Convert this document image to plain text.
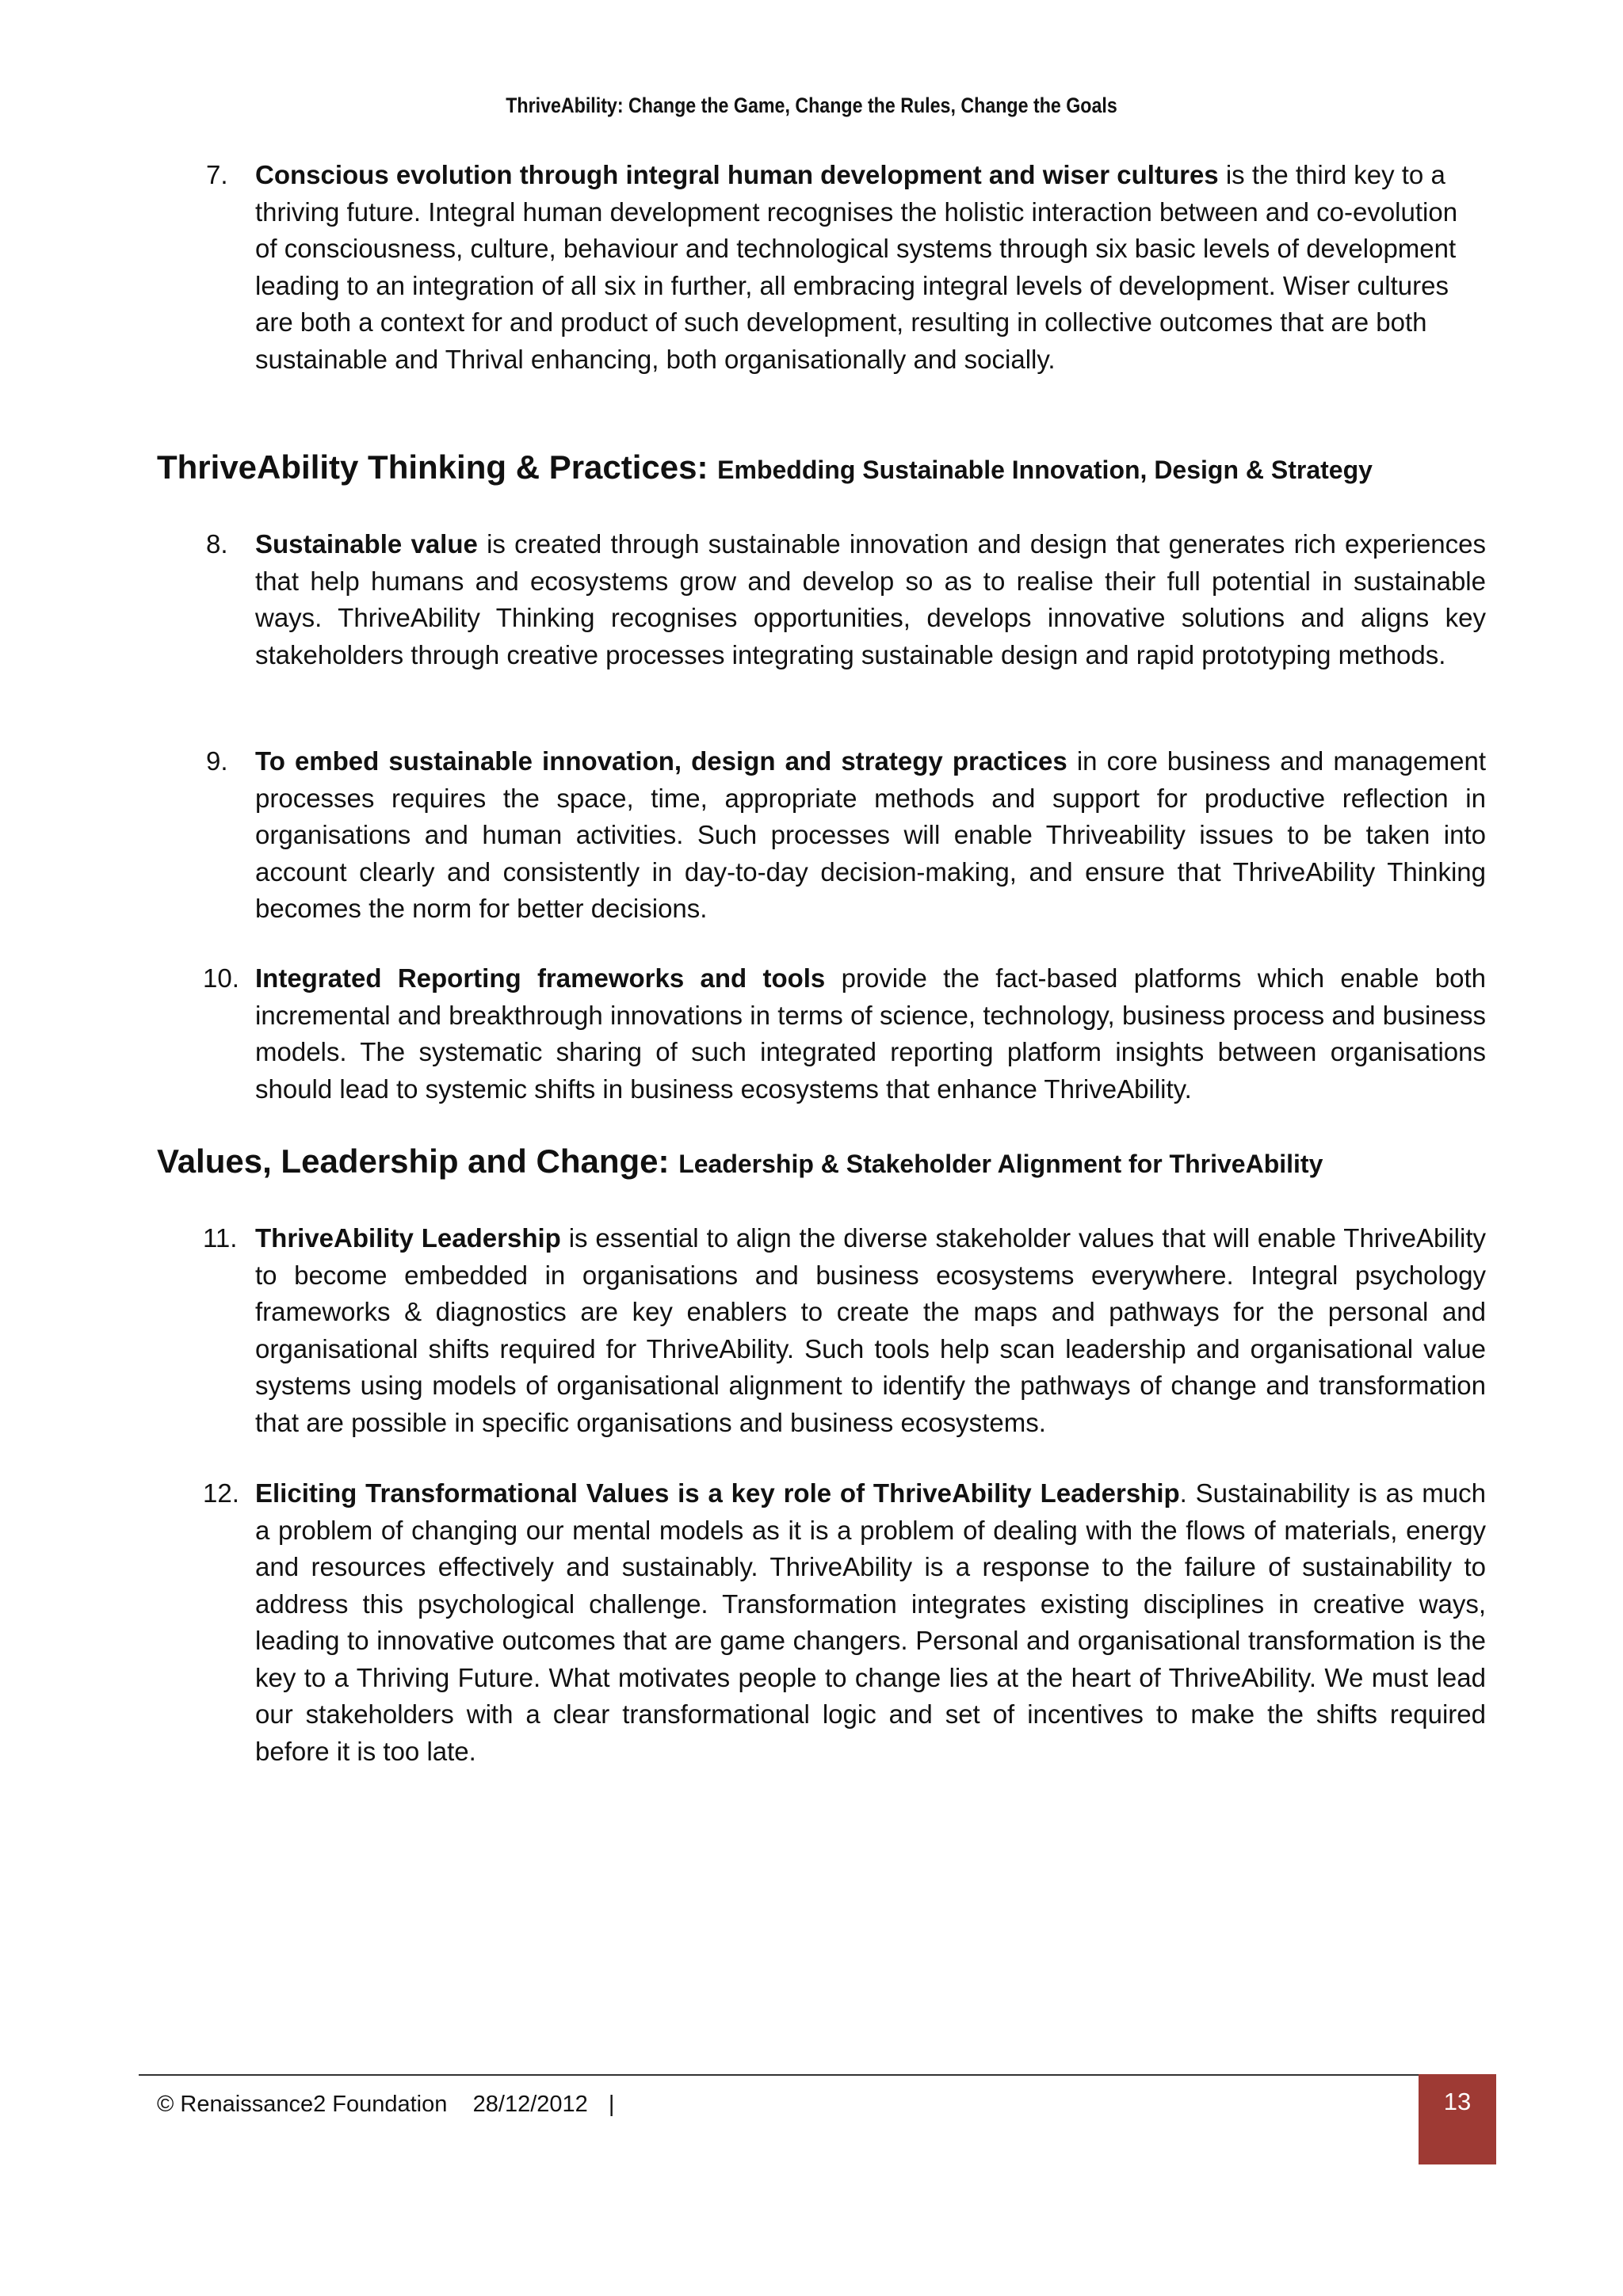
ThriveAbility: Change the Game, Change the Rules, Change the Goals
7. Conscious evolution through integral human development and wiser cultures is the third key to a thriving future. Integral human development recognises the holistic interaction between and co-evolution of consciousness, culture, behaviour and technological systems through six basic levels of development leading to an integration of all six in further, all embracing integral levels of development. Wiser cultures are both a context for and product of such development, resulting in collective outcomes that are both sustainable and Thrival enhancing, both organisationally and socially.

ThriveAbility Thinking & Practices: Embedding Sustainable Innovation, Design & Strategy
8. Sustainable value is created through sustainable innovation and design that generates rich experiences that help humans and ecosystems grow and develop so as to realise their full potential in sustainable ways. ThriveAbility Thinking recognises opportunities, develops innovative solutions and aligns key stakeholders through creative processes integrating sustainable design and rapid prototyping methods.

9. To embed sustainable innovation, design and strategy practices in core business and management processes requires the space, time, appropriate methods and support for productive reflection in organisations and human activities. Such processes will enable Thriveability issues to be taken into account clearly and consistently in day-to-day decision-making, and ensure that ThriveAbility Thinking becomes the norm for better decisions.

10. Integrated Reporting frameworks and tools provide the fact-based platforms which enable both incremental and breakthrough innovations in terms of science, technology, business process and business models. The systematic sharing of such integrated reporting platform insights between organisations should lead to systemic shifts in business ecosystems that enhance ThriveAbility.

Values, Leadership and Change: Leadership & Stakeholder Alignment for ThriveAbility
11. ThriveAbility Leadership is essential to align the diverse stakeholder values that will enable ThriveAbility to become embedded in organisations and business ecosystems everywhere. Integral psychology frameworks & diagnostics are key enablers to create the maps and pathways for the personal and organisational shifts required for ThriveAbility. Such tools help scan leadership and organisational value systems using models of organisational alignment to identify the pathways of change and transformation that are possible in specific organisations and business ecosystems.

12. Eliciting Transformational Values is a key role of ThriveAbility Leadership. Sustainability is as much a problem of changing our mental models as it is a problem of dealing with the flows of materials, energy and resources effectively and sustainably. ThriveAbility is a response to the failure of sustainability to address this psychological challenge. Transformation integrates existing disciplines in creative ways, leading to innovative outcomes that are game changers. Personal and organisational transformation is the key to a Thriving Future. What motivates people to change lies at the heart of ThriveAbility. We must lead our stakeholders with a clear transformational logic and set of incentives to make the shifts required before it is too late.

© Renaissance2 Foundation 28/12/2012 |	13
